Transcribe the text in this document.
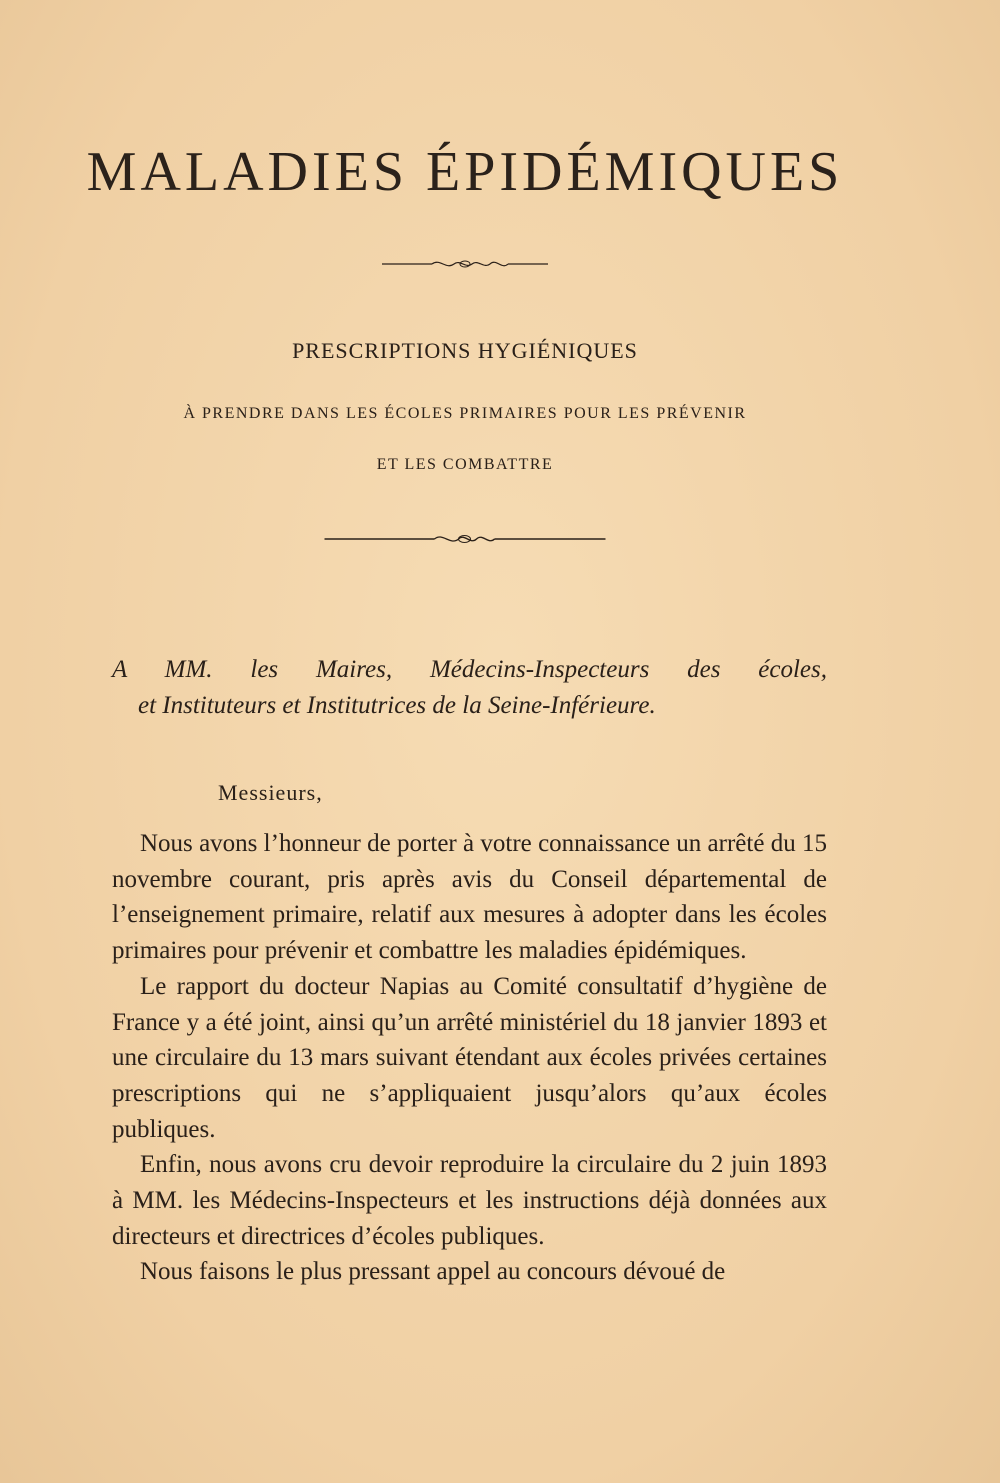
MALADIES ÉPIDÉMIQUES
PRESCRIPTIONS HYGIÉNIQUES
À PRENDRE DANS LES ÉCOLES PRIMAIRES POUR LES PRÉVENIR
ET LES COMBATTRE
A MM. les Maires, Médecins-Inspecteurs des écoles,
et Instituteurs et Institutrices de la Seine-Inférieure.
Messieurs,

Nous avons l’honneur de porter à votre connaissance un arrêté du 15 novembre courant, pris après avis du Conseil départemental de l’enseignement primaire, relatif aux mesures à adopter dans les écoles primaires pour prévenir et combattre les maladies épidémiques.

Le rapport du docteur Napias au Comité consultatif d’hygiène de France y a été joint, ainsi qu’un arrêté ministériel du 18 janvier 1893 et une circulaire du 13 mars suivant étendant aux écoles privées certaines prescriptions qui ne s’appliquaient jusqu’alors qu’aux écoles publiques.

Enfin, nous avons cru devoir reproduire la circulaire du 2 juin 1893 à MM. les Médecins-Inspecteurs et les instructions déjà données aux directeurs et directrices d’écoles publiques.

Nous faisons le plus pressant appel au concours dévoué de
